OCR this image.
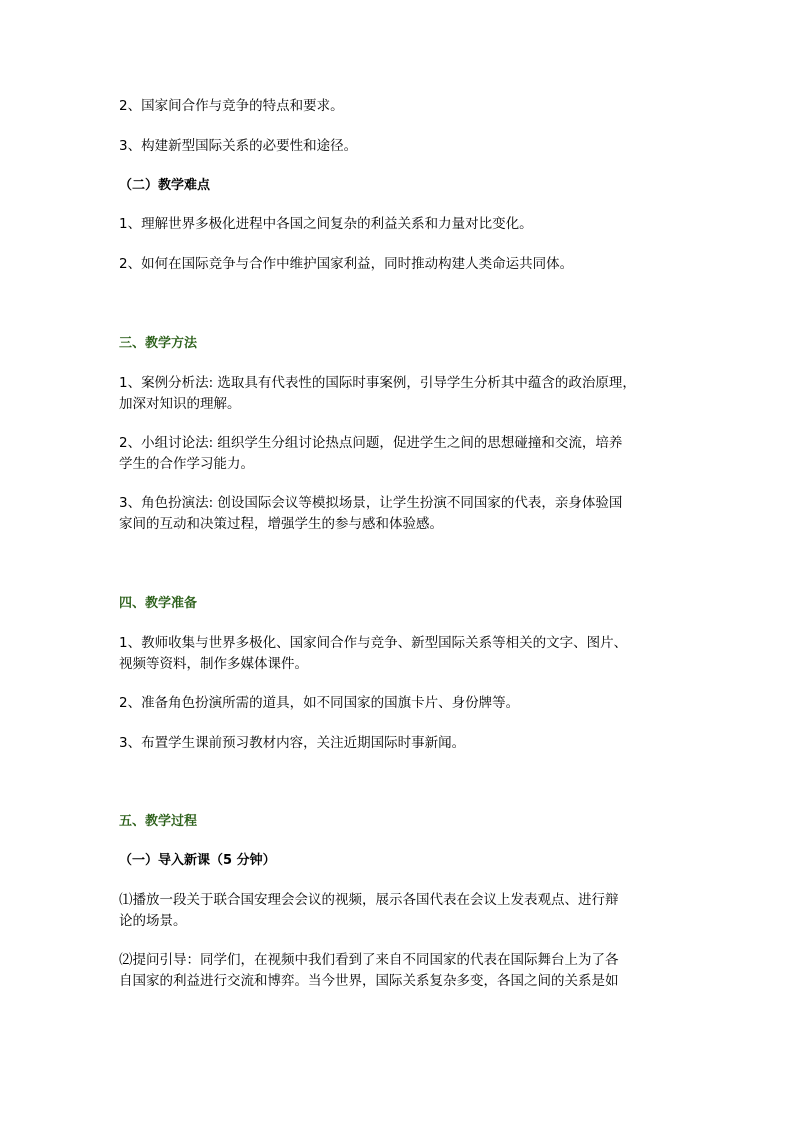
2、国家间合作与竞争的特点和要求。
3、构建新型国际关系的必要性和途径。
（二）教学难点
1、理解世界多极化进程中各国之间复杂的利益关系和力量对比变化。
2、如何在国际竞争与合作中维护国家利益，同时推动构建人类命运共同体。
三、教学方法
1、案例分析法: 选取具有代表性的国际时事案例，引导学生分析其中蕴含的政治原理，
加深对知识的理解。
2、小组讨论法: 组织学生分组讨论热点问题，促进学生之间的思想碰撞和交流，培养
学生的合作学习能力。
3、角色扮演法: 创设国际会议等模拟场景，让学生扮演不同国家的代表，亲身体验国
家间的互动和决策过程，增强学生的参与感和体验感。
四、教学准备
1、教师收集与世界多极化、国家间合作与竞争、新型国际关系等相关的文字、图片、
视频等资料，制作多媒体课件。
2、准备角色扮演所需的道具，如不同国家的国旗卡片、身份牌等。
3、布置学生课前预习教材内容，关注近期国际时事新闻。
五、教学过程
（一）导入新课（5 分钟）
⑴播放一段关于联合国安理会会议的视频，展示各国代表在会议上发表观点、进行辩
论的场景。
⑵提问引导：同学们，在视频中我们看到了来自不同国家的代表在国际舞台上为了各
自国家的利益进行交流和博弈。当今世界，国际关系复杂多变，各国之间的关系是如
